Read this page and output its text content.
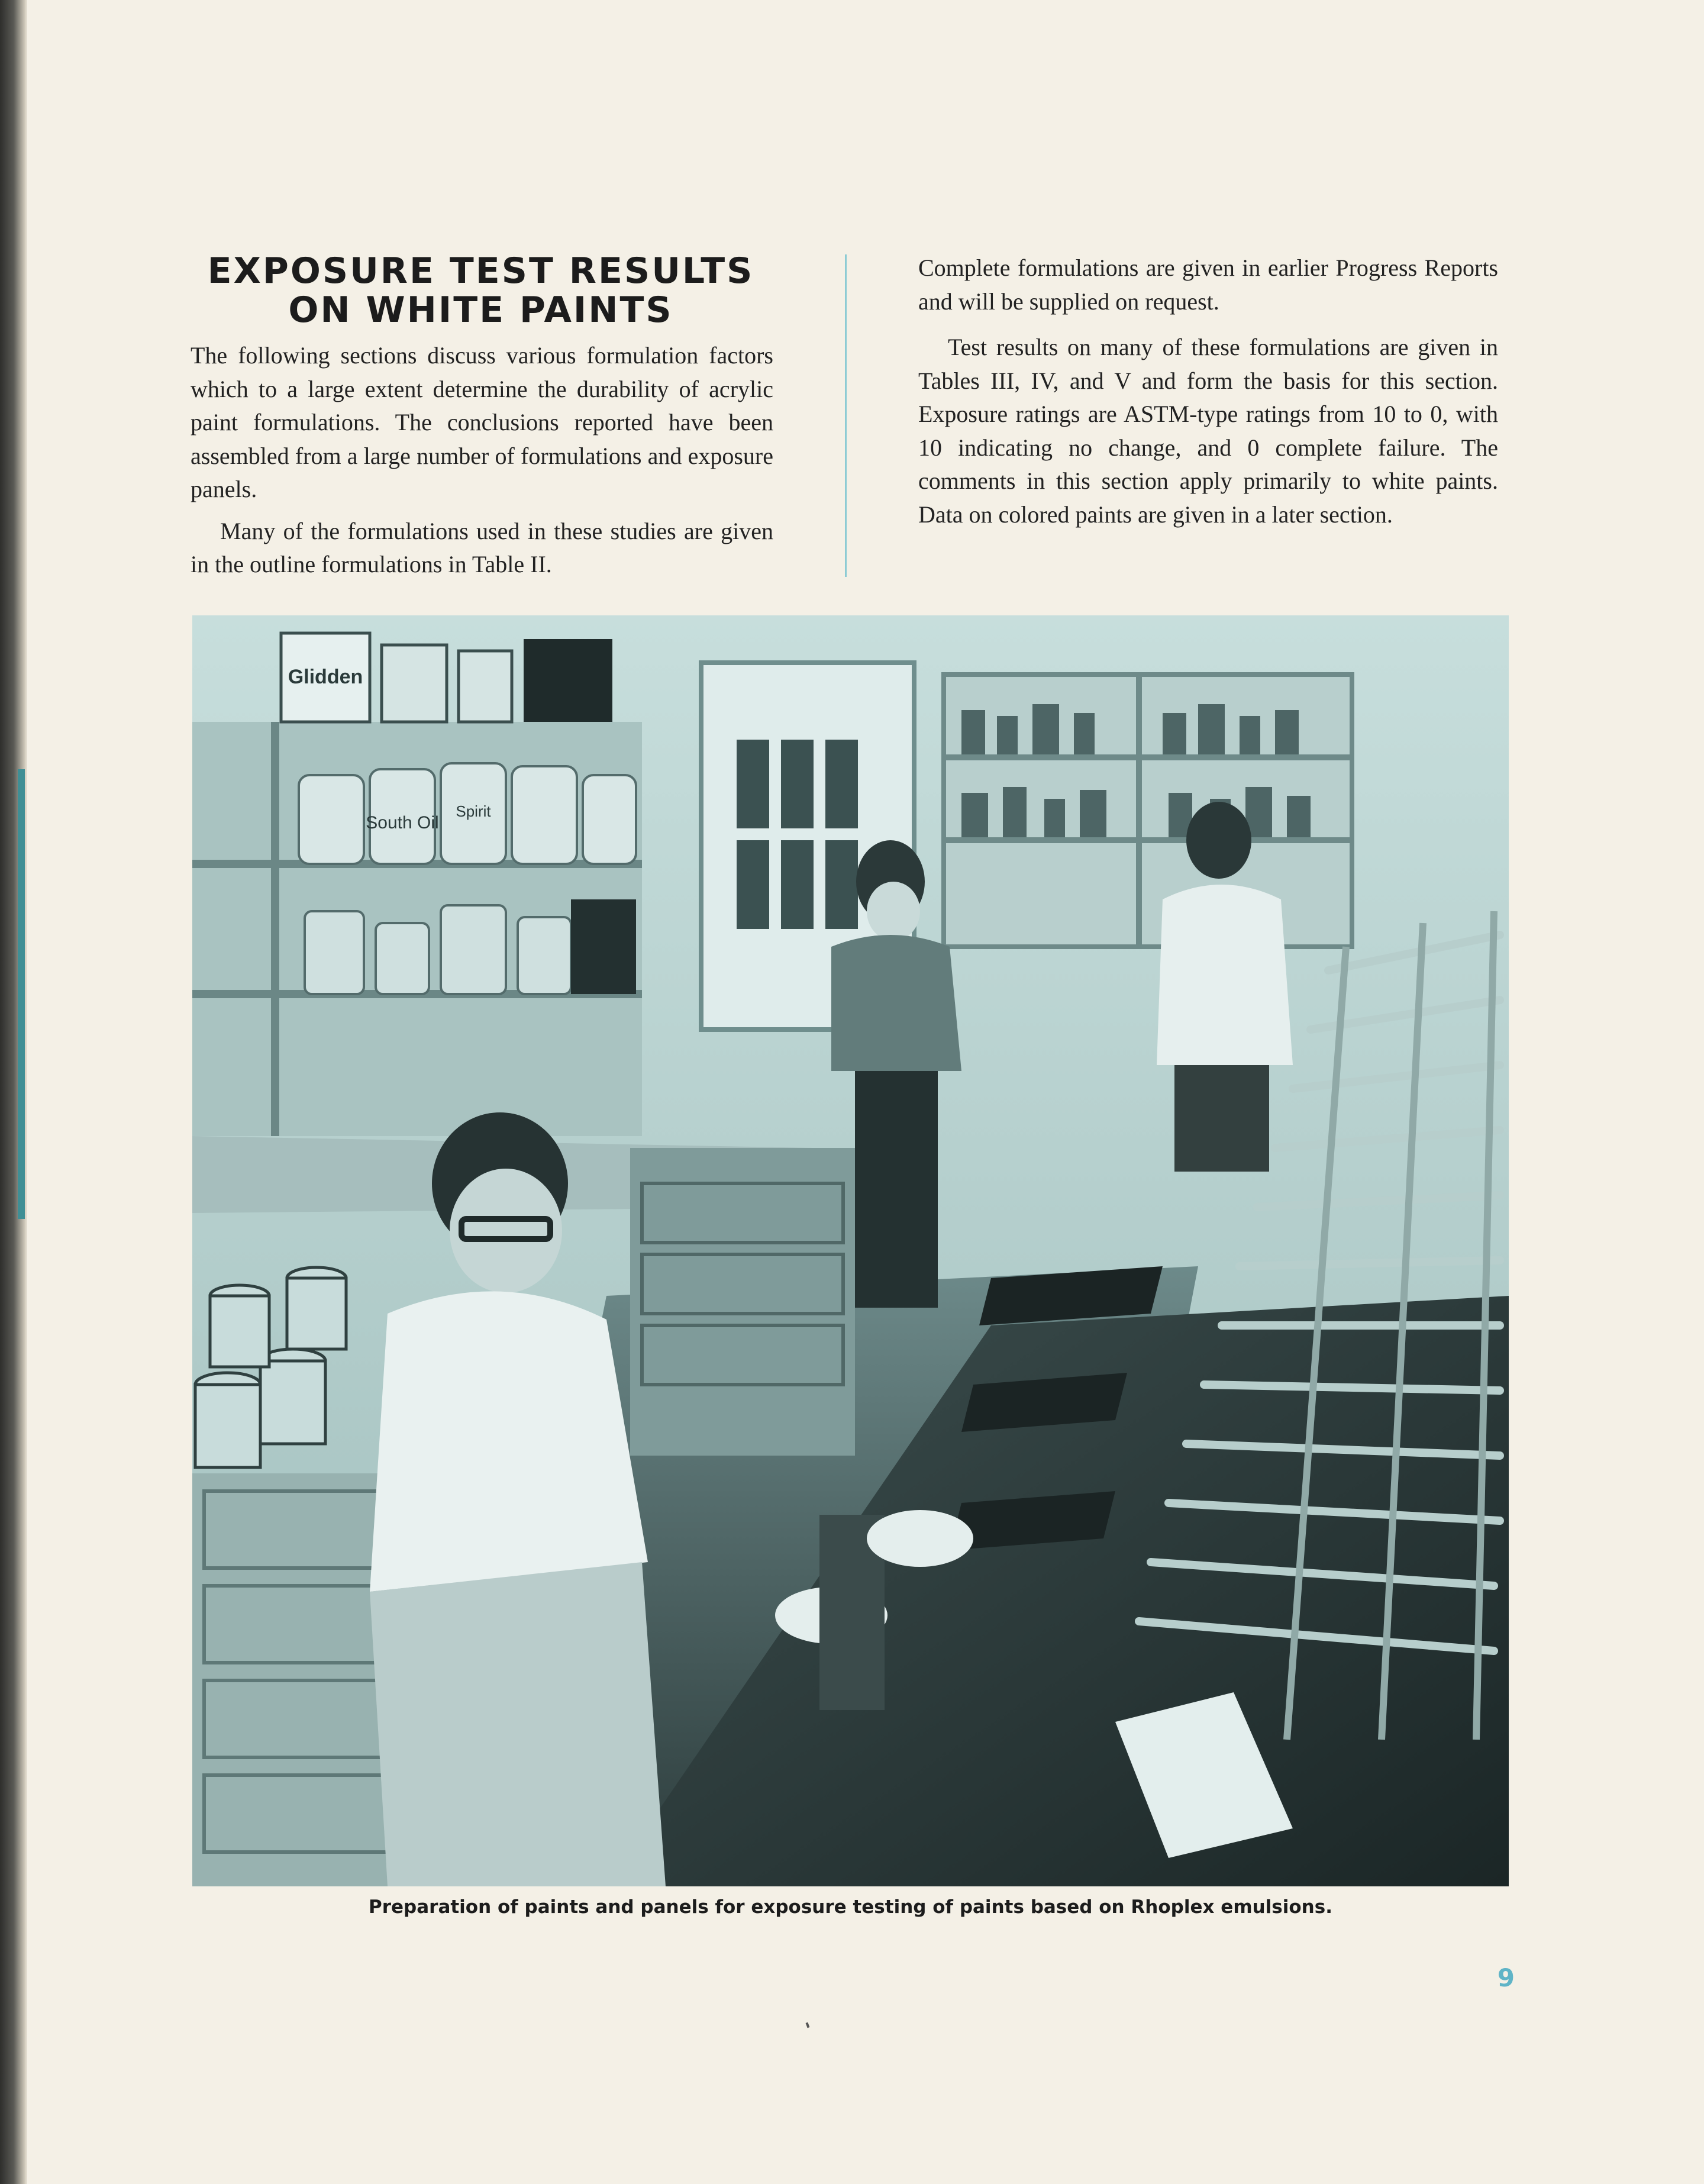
EXPOSURE TEST RESULTS
ON WHITE PAINTS

The following sections discuss various formulation factors which to a large extent determine the durability of acrylic paint formulations. The conclusions reported have been assembled from a large number of formulations and exposure panels.

Many of the formulations used in these studies are given in the outline formulations in Table II.

Complete formulations are given in earlier Progress Reports and will be supplied on request.

Test results on many of these formulations are given in Tables III, IV, and V and form the basis for this section. Exposure ratings are ASTM-type ratings from 10 to 0, with 10 indicating no change, and 0 complete failure. The comments in this section apply primarily to white paints. Data on colored paints are given in a later section.

Glidden
South Oil
Spirit
Preparation of paints and panels for exposure testing of paints based on Rhoplex emulsions.
9
